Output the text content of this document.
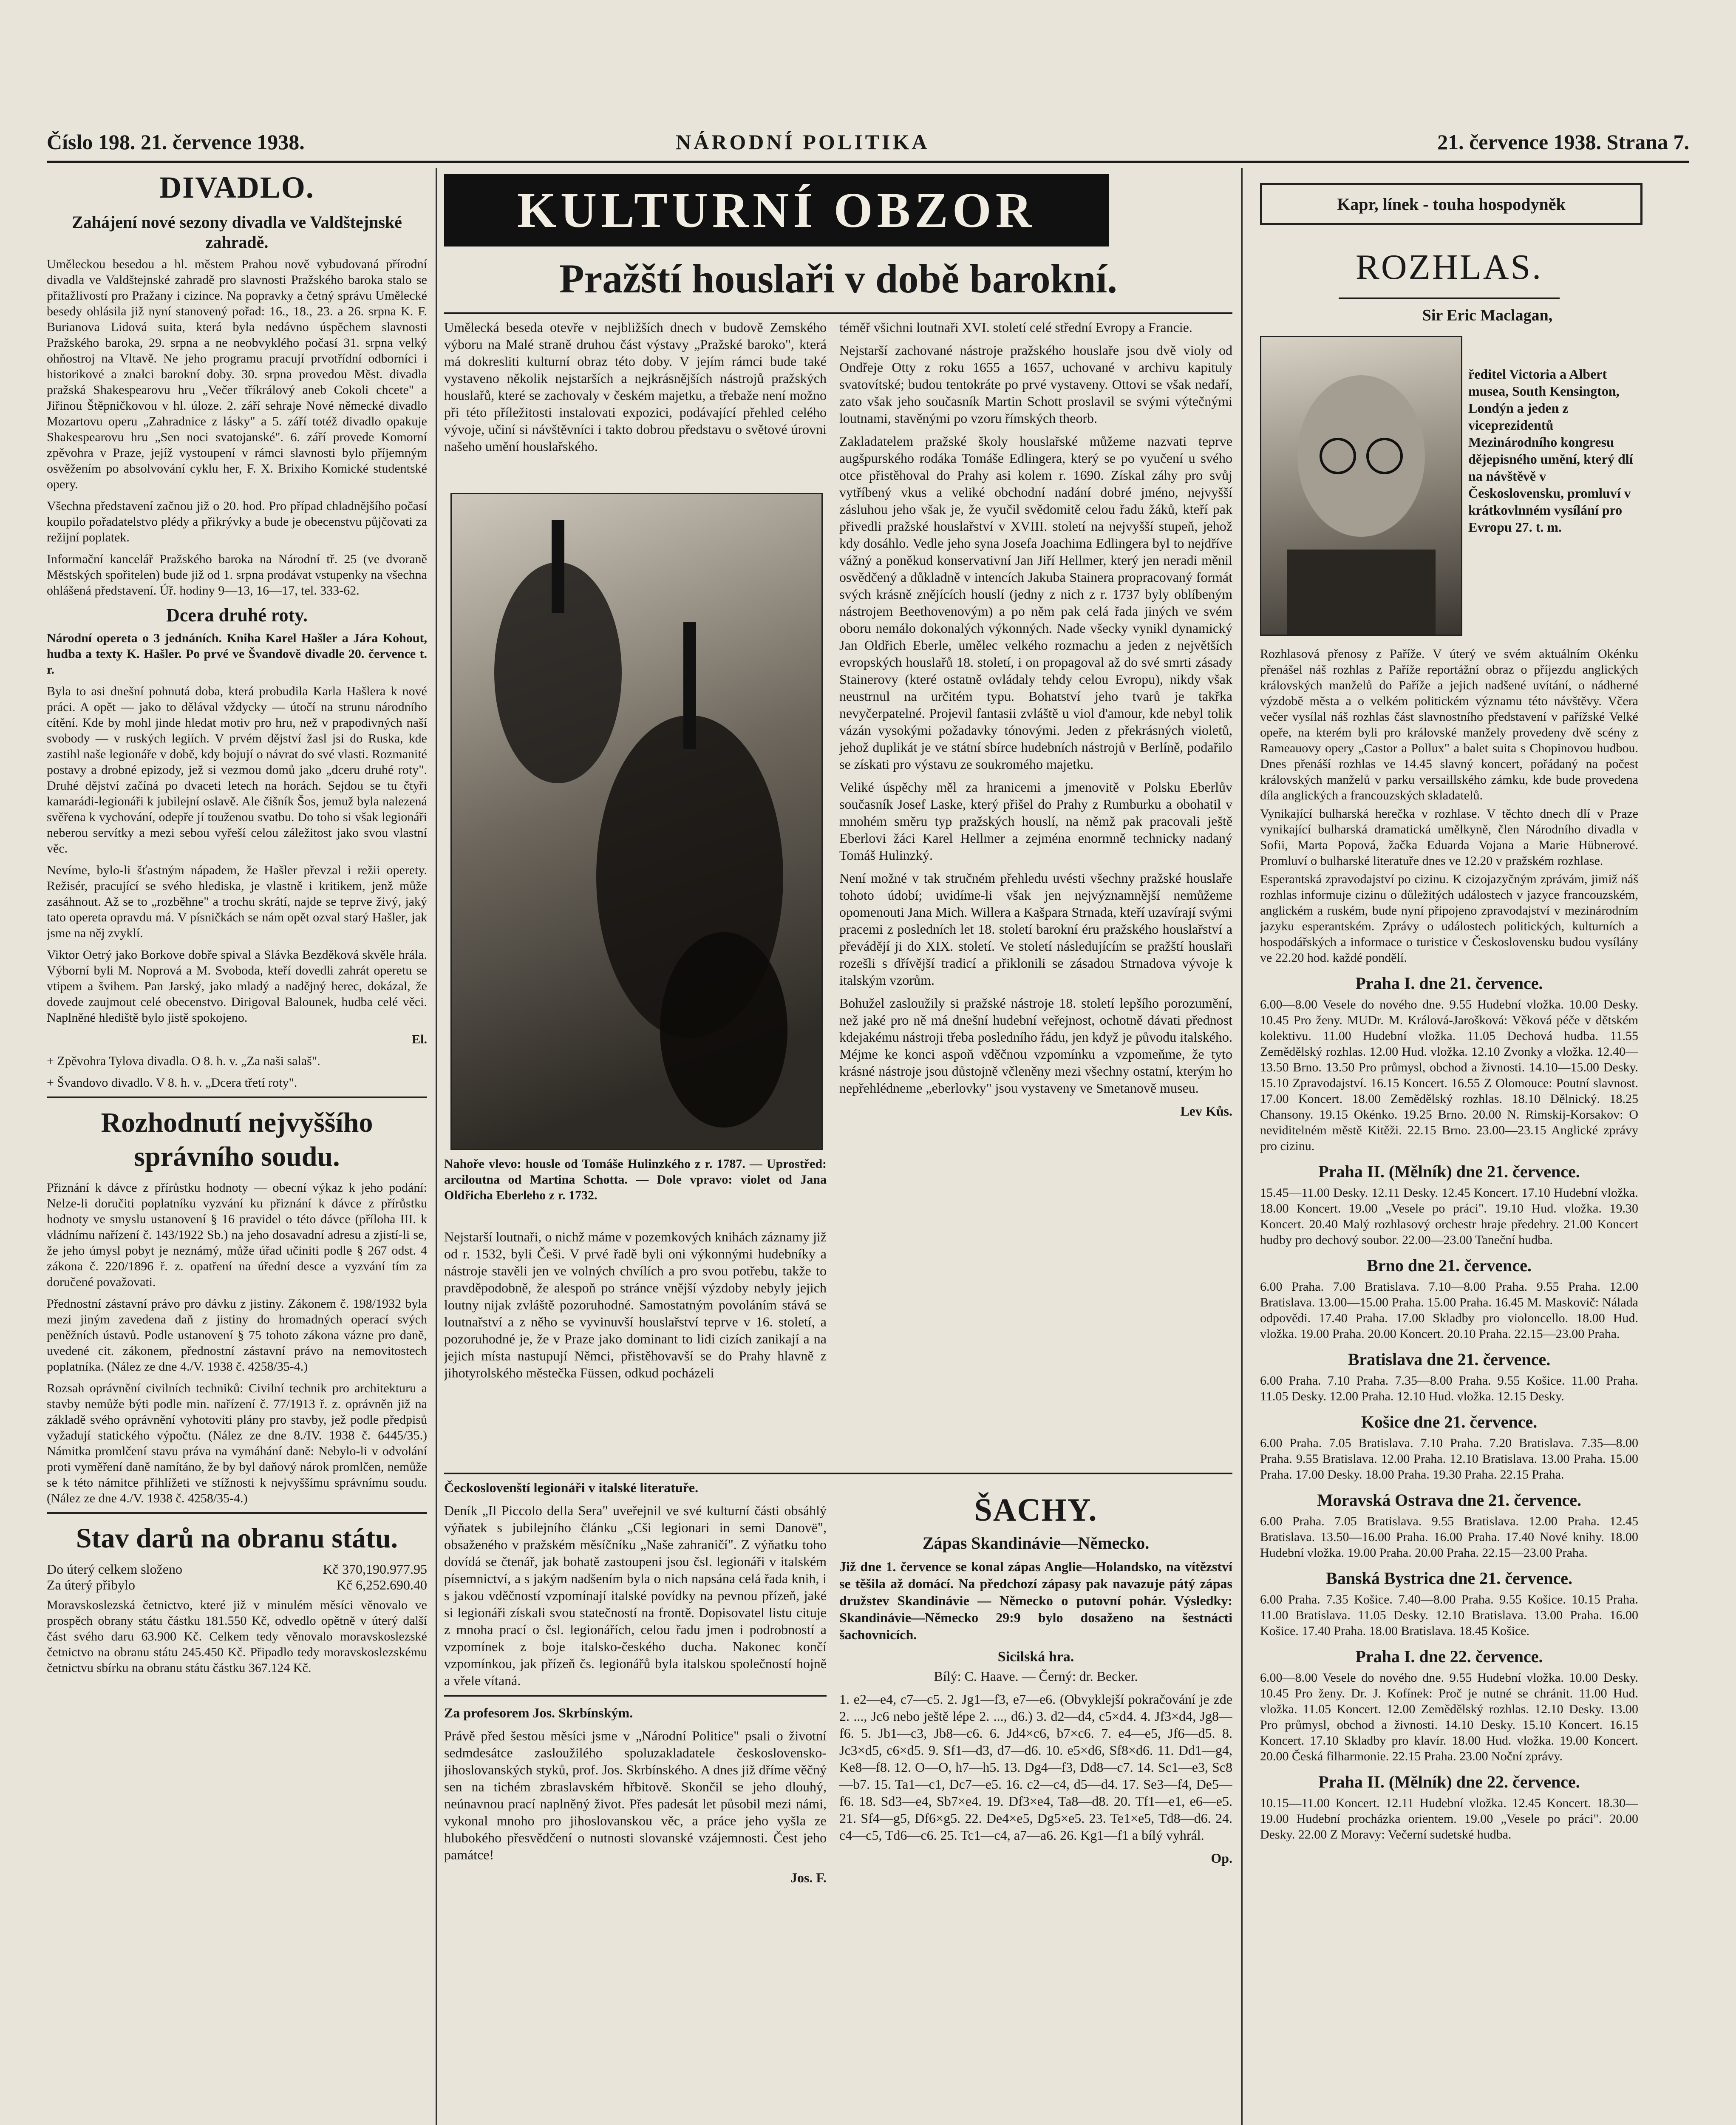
Číslo 198. 21. července 1938.	NÁRODNÍ POLITIKA	21. července 1938. Strana 7.
DIVADLO.
Zahájení nové sezony divadla ve Valdštejnské zahradě.

Uměleckou besedou a hl. městem Prahou nově vybudovaná přírodní divadla ve Valdštejnské zahradě pro slavnosti Pražského baroka stalo se přitažlivostí pro Pražany i cizince. Na popravky a četný správu Umělecké besedy ohlásila již nyní stanovený pořad: 16., 18., 23. a 26. srpna K. F. Burianova Lidová suita, která byla nedávno úspěchem slavnosti Pražského baroka, 29. srpna a ne neobvyklého počasí 31. srpna velký ohňostroj na Vltavě. Ne jeho programu pracují prvotřídní odborníci i historikové a znalci barokní doby. 30. srpna provedou Měst. divadla pražská Shakespearovu hru „Večer tříkrálový aneb Cokoli chcete" a Jiřinou Štěpničkovou v hl. úloze. 2. září sehraje Nové německé divadlo Mozartovu operu „Zahradnice z lásky" a 5. září totéž divadlo opakuje Shakespearovu hru „Sen noci svatojanské". 6. září provede Komorní zpěvohra v Praze, jejíž vystoupení v rámci slavnosti bylo příjemným osvěžením po absolvování cyklu her, F. X. Brixiho Komické studentské opery.

Všechna představení začnou již o 20. hod. Pro případ chladnějšího počasí koupilo pořadatelstvo plédy a přikrývky a bude je obecenstvu půjčovati za režijní poplatek.

Informační kancelář Pražského baroka na Národní tř. 25 (ve dvoraně Městských spořitelen) bude již od 1. srpna prodávat vstupenky na všechna ohlášená představení. Úř. hodiny 9—13, 16—17, tel. 333-62.

Dcera druhé roty.

Národní opereta o 3 jednáních. Kniha Karel Hašler a Jára Kohout, hudba a texty K. Hašler. Po prvé ve Švandově divadle 20. července t. r.

Byla to asi dnešní pohnutá doba, která probudila Karla Hašlera k nové práci. A opět — jako to dělával vždycky — útočí na strunu národního cítění. Kde by mohl jinde hledat motiv pro hru, než v prapodivných naší svobody — v ruských legiích. V prvém dějství žasl jsi do Ruska, kde zastihl naše legionáře v době, kdy bojují o návrat do své vlasti. Rozmanité postavy a drobné epizody, jež si vezmou domů jako „dceru druhé roty". Druhé dějství začíná po dvaceti letech na horách. Sejdou se tu čtyři kamarádi-legionáři k jubilejní oslavě. Ale čišník Šos, jemuž byla nalezená svěřena k vychování, odepře jí touženou svatbu. Do toho si však legionáři neberou servítky a mezi sebou vyřeší celou záležitost jako svou vlastní věc.

Nevíme, bylo-li šťastným nápadem, že Hašler převzal i režii operety. Režisér, pracující se svého hlediska, je vlastně i kritikem, jenž může zasáhnout. Až se to „rozběhne" a trochu skrátí, najde se teprve živý, jaký tato opereta opravdu má. V písničkách se nám opět ozval starý Hašler, jak jsme na něj zvyklí.

Viktor Oetrý jako Borkove dobře spival a Slávka Bezděková skvěle hrála. Výborní byli M. Noprová a M. Svoboda, kteří dovedli zahrát operetu se vtipem a švihem. Pan Jarský, jako mladý a nadějný herec, dokázal, že dovede zaujmout celé obecenstvo. Dirigoval Balounek, hudba celé věci. Naplněné hlediště bylo jistě spokojeno.

El.

+ Zpěvohra Tylova divadla. O 8. h. v. „Za naši salaš".

+ Švandovo divadlo. V 8. h. v. „Dcera třetí roty".

Rozhodnutí nejvyššího správního soudu.

Přiznání k dávce z přírůstku hodnoty — obecní výkaz k jeho podání: Nelze-li doručiti poplatníku vyzvání ku přiznání k dávce z přírůstku hodnoty ve smyslu ustanovení § 16 pravidel o této dávce (příloha III. k vládnímu nařízení č. 143/1922 Sb.) na jeho dosavadní adresu a zjistí-li se, že jeho úmysl pobyt je neznámý, může úřad učiniti podle § 267 odst. 4 zákona č. 220/1896 ř. z. opatření na úřední desce a vyzvání tím za doručené považovati.

Přednostní zástavní právo pro dávku z jistiny. Zákonem č. 198/1932 byla mezi jiným zavedena daň z jistiny do hromadných operací svých peněžních ústavů. Podle ustanovení § 75 tohoto zákona vázne pro daně, uvedené cit. zákonem, přednostní zástavní právo na nemovitostech poplatníka. (Nález ze dne 4./V. 1938 č. 4258/35-4.)

Rozsah oprávnění civilních techniků: Civilní technik pro architekturu a stavby nemůže býti podle min. nařízení č. 77/1913 ř. z. oprávněn již na základě svého oprávnění vyhotoviti plány pro stavby, jež podle předpisů vyžadují statického výpočtu. (Nález ze dne 8./IV. 1938 č. 6445/35.) Námitka promlčení stavu práva na vymáhání daně: Nebylo-li v odvolání proti vyměření daně namítáno, že by byl daňový nárok promlčen, nemůže se k této námitce přihlížeti ve stížnosti k nejvyššímu správnímu soudu. (Nález ze dne 4./V. 1938 č. 4258/35-4.)

Stav darů na obranu státu.
Do úterý celkem složeno	Kč 370,190.977.95
Za úterý přibylo	Kč 6,252.690.40

Moravskoslezská četnictvo, které již v minulém měsíci věnovalo ve prospěch obrany státu částku 181.550 Kč, odvedlo opětně v úterý další část svého daru 63.900 Kč. Celkem tedy věnovalo moravskoslezské četnictvo na obranu státu 245.450 Kč. Připadlo tedy moravskoslezskému četnictvu sbírku na obranu státu částku 367.124 Kč.

KULTURNÍ OBZOR
Pražští houslaři v době barokní.

Umělecká beseda otevře v nejbližších dnech v budově Zemského výboru na Malé straně druhou část výstavy „Pražské baroko", která má dokresliti kulturní obraz této doby. V jejím rámci bude také vystaveno několik nejstarších a nejkrásnějších nástrojů pražských houslařů, které se zachovaly v českém majetku, a třebaže není možno při této příležitosti instalovati expozici, podávající přehled celého vývoje, učiní si návštěvníci i takto dobrou představu o světové úrovni našeho umění houslařského.

Nahoře vlevo: housle od Tomáše Hulinzkého z r. 1787. — Uprostřed: arciloutna od Martina Schotta. — Dole vpravo: violet od Jana Oldřicha Eberleho z r. 1732.

Nejstarší loutnaři, o nichž máme v pozemkových knihách záznamy již od r. 1532, byli Češi. V prvé řadě byli oni výkonnými hudebníky a nástroje stavěli jen ve volných chvílích a pro svou potřebu, takže to pravděpodobně, že alespoň po stránce vnější výzdoby nebyly jejich loutny nijak zvláště pozoruhodné. Samostatným povoláním stává se loutnařství a z něho se vyvinuvší houslařství teprve v 16. století, a pozoruhodné je, že v Praze jako dominant to lidi cizích zanikají a na jejich místa nastupují Němci, přistěhovavší se do Prahy hlavně z jihotyrolského městečka Füssen, odkud pocházeli

téměř všichni loutnaři XVI. století celé střední Evropy a Francie.

Nejstarší zachované nástroje pražského houslaře jsou dvě violy od Ondřeje Otty z roku 1655 a 1657, uchované v archivu kapituly svatovítské; budou tentokráte po prvé vystaveny. Ottovi se však nedaří, zato však jeho současník Martin Schott proslavil se svými výtečnými loutnami, stavěnými po vzoru římských theorb.

Zakladatelem pražské školy houslařské můžeme nazvati teprve augšpurského rodáka Tomáše Edlingera, který se po vyučení u svého otce přistěhoval do Prahy asi kolem r. 1690. Získal záhy pro svůj vytříbený vkus a veliké obchodní nadání dobré jméno, nejvyšší zásluhou jeho však je, že vyučil svědomitě celou řadu žáků, kteří pak přivedli pražské houslařství v XVIII. století na nejvyšší stupeň, jehož kdy dosáhlo. Vedle jeho syna Josefa Joachima Edlingera byl to nejdříve vážný a poněkud konservativní Jan Jiří Hellmer, který jen neradi měnil osvědčený a důkladně v intencích Jakuba Stainera propracovaný formát svých krásně znějících houslí (jedny z nich z r. 1737 byly oblíbeným nástrojem Beethovenovým) a po něm pak celá řada jiných ve svém oboru nemálo dokonalých výkonných. Nade všecky vynikl dynamický Jan Oldřich Eberle, umělec velkého rozmachu a jeden z největších evropských houslařů 18. století, i on propagoval až do své smrti zásady Stainerovy (které ostatně ovládaly tehdy celou Evropu), nikdy však neustrnul na určitém typu. Bohatství jeho tvarů je takřka nevyčerpatelné. Projevil fantasii zvláště u viol d'amour, kde nebyl tolik vázán vysokými požadavky tónovými. Jeden z překrásných violetů, jehož duplikát je ve státní sbírce hudebních nástrojů v Berlíně, podařilo se získati pro výstavu ze soukromého majetku.

Veliké úspěchy měl za hranicemi a jmenovitě v Polsku Eberlův současník Josef Laske, který přišel do Prahy z Rumburku a obohatil v mnohém směru typ pražských houslí, na němž pak pracovali ještě Eberlovi žáci Karel Hellmer a zejména enormně technicky nadaný Tomáš Hulinzký.

Není možné v tak stručném přehledu uvésti všechny pražské houslaře tohoto údobí; uvidíme-li však jen nejvýznamnější nemůžeme opomenouti Jana Mich. Willera a Kašpara Strnada, kteří uzavírají svými pracemi z posledních let 18. století barokní éru pražského houslařství a převádějí ji do XIX. století. Ve století následujícím se pražští houslaři rozešli s dřívější tradicí a přiklonili se zásadou Strnadova vývoje k italským vzorům.

Bohužel zasloužily si pražské nástroje 18. století lepšího porozumění, než jaké pro ně má dnešní hudební veřejnost, ochotně dávati přednost kdejakému nástroji třeba posledního řádu, jen když je původu italského. Méjme ke konci aspoň vděčnou vzpomínku a vzpomeňme, že tyto krásné nástroje jsou důstojně včleněny mezi všechny ostatní, kterým ho nepřehlédneme „eberlovky" jsou vystaveny ve Smetanově museu.

Lev Kůs.

Čeckoslovenští legionáři v italské literatuře.

Deník „Il Piccolo della Sera" uveřejnil ve své kulturní části obsáhlý výňatek s jubilejního článku „Cši legionari in semi Danovë", obsaženého v pražském měsíčníku „Naše zahraničí". Z výňatku toho dovídá se čtenář, jak bohatě zastoupeni jsou čsl. legionáři v italském písemnictví, a s jakým nadšením byla o nich napsána celá řada knih, i s jakou vděčností vzpomínají italské povídky na pevnou přízeň, jaké si legionáři získali svou statečností na frontě. Dopisovatel listu cituje z mnoha prací o čsl. legionářích, celou řadu jmen i podrobností a vzpomínek z boje italsko-českého ducha. Nakonec končí vzpomínkou, jak přízeň čs. legionářů byla italskou společností hojně a vřele vítaná.

Za profesorem Jos. Skrbínským.

Právě před šestou měsíci jsme v „Národní Politice" psali o životní sedmdesátce zasloužilého spoluzakladatele československo-jihoslovanských styků, prof. Jos. Skrbínského. A dnes již dříme věčný sen na tichém zbraslavském hřbitově. Skončil se jeho dlouhý, neúnavnou prací naplněný život. Přes padesát let působil mezi námi, vykonal mnoho pro jihoslovanskou věc, a práce jeho vyšla ze hlubokého přesvědčení o nutnosti slovanské vzájemnosti. Čest jeho památce!

Jos. F.

ŠACHY.
Zápas Skandinávie—Německo.

Již dne 1. července se konal zápas Anglie—Holandsko, na vítězství se těšila až domácí. Na předchozí zápasy pak navazuje pátý zápas družstev Skandinávie — Německo o putovní pohár. Výsledky: Skandinávie—Německo 29:9 bylo dosaženo na šestnácti šachovnicích.

Sicilská hra.

Bílý: C. Haave. — Černý: dr. Becker.

1. e2—e4, c7—c5. 2. Jg1—f3, e7—e6. (Obvyklejší pokračování je zde 2. ..., Jc6 nebo ještě lépe 2. ..., d6.) 3. d2—d4, c5×d4. 4. Jf3×d4, Jg8—f6. 5. Jb1—c3, Jb8—c6. 6. Jd4×c6, b7×c6. 7. e4—e5, Jf6—d5. 8. Jc3×d5, c6×d5. 9. Sf1—d3, d7—d6. 10. e5×d6, Sf8×d6. 11. Dd1—g4, Ke8—f8. 12. O—O, h7—h5. 13. Dg4—f3, Dd8—c7. 14. Sc1—e3, Sc8—b7. 15. Ta1—c1, Dc7—e5. 16. c2—c4, d5—d4. 17. Se3—f4, De5—f6. 18. Sd3—e4, Sb7×e4. 19. Df3×e4, Ta8—d8. 20. Tf1—e1, e6—e5. 21. Sf4—g5, Df6×g5. 22. De4×e5, Dg5×e5. 23. Te1×e5, Td8—d6. 24. c4—c5, Td6—c6. 25. Tc1—c4, a7—a6. 26. Kg1—f1 a bílý vyhrál.

Op.

Kapr, línek - touha hospodyněk
ROZHLAS.
Sir Eric Maclagan,

ředitel Victoria a Albert musea, South Kensington, Londýn a jeden z viceprezidentů Mezinárodního kongresu dějepisného umění, který dlí na návštěvě v Československu, promluví v krátkovlnném vysílání pro Evropu 27. t. m.

Rozhlasová přenosy z Paříže. V úterý ve svém aktuálním Okénku přenášel náš rozhlas z Paříže reportážní obraz o příjezdu anglických královských manželů do Paříže a jejich nadšené uvítání, o nádherné výzdobě města a o velkém politickém významu této návštěvy. Včera večer vysílal náš rozhlas část slavnostního představení v pařížské Velké opeře, na kterém byli pro královské manžely provedeny dvě scény z Rameauovy opery „Castor a Pollux" a balet suita s Chopinovou hudbou. Dnes přenáší rozhlas ve 14.45 slavný koncert, pořádaný na počest královských manželů v parku versaillského zámku, kde bude provedena díla anglických a francouzských skladatelů.

Vynikající bulharská herečka v rozhlase. V těchto dnech dlí v Praze vynikající bulharská dramatická umělkyně, člen Národního divadla v Sofii, Marta Popová, žačka Eduarda Vojana a Marie Hübnerové. Promluví o bulharské literatuře dnes ve 12.20 v pražském rozhlase.

Esperantská zpravodajství po cizinu. K cizojazyčným zprávám, jimiž náš rozhlas informuje cizinu o důležitých událostech v jazyce francouzském, anglickém a ruském, bude nyní připojeno zpravodajství v mezinárodním jazyku esperantském. Zprávy o událostech politických, kulturních a hospodářských a informace o turistice v Československu budou vysílány ve 22.20 hod. každé pondělí.

Praha I. dne 21. července.

6.00—8.00 Vesele do nového dne. 9.55 Hudební vložka. 10.00 Desky. 10.45 Pro ženy. MUDr. M. Králová-Jarošková: Věková péče v dětském kolektivu. 11.00 Hudební vložka. 11.05 Dechová hudba. 11.55 Zemědělský rozhlas. 12.00 Hud. vložka. 12.10 Zvonky a vložka. 12.40—13.50 Brno. 13.50 Pro průmysl, obchod a živnosti. 14.10—15.00 Desky. 15.10 Zpravodajství. 16.15 Koncert. 16.55 Z Olomouce: Poutní slavnost. 17.00 Koncert. 18.00 Zemědělský rozhlas. 18.10 Dělnický. 18.25 Chansony. 19.15 Okénko. 19.25 Brno. 20.00 N. Rimskij-Korsakov: O neviditelném městě Kitěži. 22.15 Brno. 23.00—23.15 Anglické zprávy pro cizinu.

Praha II. (Mělník) dne 21. července.

15.45—11.00 Desky. 12.11 Desky. 12.45 Koncert. 17.10 Hudební vložka. 18.00 Koncert. 19.00 „Vesele po práci". 19.10 Hud. vložka. 19.30 Koncert. 20.40 Malý rozhlasový orchestr hraje předehry. 21.00 Koncert hudby pro dechový soubor. 22.00—23.00 Taneční hudba.

Brno dne 21. července.

6.00 Praha. 7.00 Bratislava. 7.10—8.00 Praha. 9.55 Praha. 12.00 Bratislava. 13.00—15.00 Praha. 15.00 Praha. 16.45 M. Maskovič: Nálada odpovědi. 17.40 Praha. 17.00 Skladby pro violoncello. 18.00 Hud. vložka. 19.00 Praha. 20.00 Koncert. 20.10 Praha. 22.15—23.00 Praha.

Bratislava dne 21. července.

6.00 Praha. 7.10 Praha. 7.35—8.00 Praha. 9.55 Košice. 11.00 Praha. 11.05 Desky. 12.00 Praha. 12.10 Hud. vložka. 12.15 Desky.

Košice dne 21. července.

6.00 Praha. 7.05 Bratislava. 7.10 Praha. 7.20 Bratislava. 7.35—8.00 Praha. 9.55 Bratislava. 12.00 Praha. 12.10 Bratislava. 13.00 Praha. 15.00 Praha. 17.00 Desky. 18.00 Praha. 19.30 Praha. 22.15 Praha.

Moravská Ostrava dne 21. července.

6.00 Praha. 7.05 Bratislava. 9.55 Bratislava. 12.00 Praha. 12.45 Bratislava. 13.50—16.00 Praha. 16.00 Praha. 17.40 Nové knihy. 18.00 Hudební vložka. 19.00 Praha. 20.00 Praha. 22.15—23.00 Praha.

Banská Bystrica dne 21. července.

6.00 Praha. 7.35 Košice. 7.40—8.00 Praha. 9.55 Košice. 10.15 Praha. 11.00 Bratislava. 11.05 Desky. 12.10 Bratislava. 13.00 Praha. 16.00 Košice. 17.40 Praha. 18.00 Bratislava. 18.45 Košice.

Praha I. dne 22. července.

6.00—8.00 Vesele do nového dne. 9.55 Hudební vložka. 10.00 Desky. 10.45 Pro ženy. Dr. J. Kofínek: Proč je nutné se chránit. 11.00 Hud. vložka. 11.05 Koncert. 12.00 Zemědělský rozhlas. 12.10 Desky. 13.00 Pro průmysl, obchod a živnosti. 14.10 Desky. 15.10 Koncert. 16.15 Koncert. 17.10 Skladby pro klavír. 18.00 Hud. vložka. 19.00 Koncert. 20.00 Česká filharmonie. 22.15 Praha. 23.00 Noční zprávy.

Praha II. (Mělník) dne 22. července.

10.15—11.00 Koncert. 12.11 Hudební vložka. 12.45 Koncert. 18.30—19.00 Hudební procházka orientem. 19.00 „Vesele po práci". 20.00 Desky. 22.00 Z Moravy: Večerní sudetské hudba.
